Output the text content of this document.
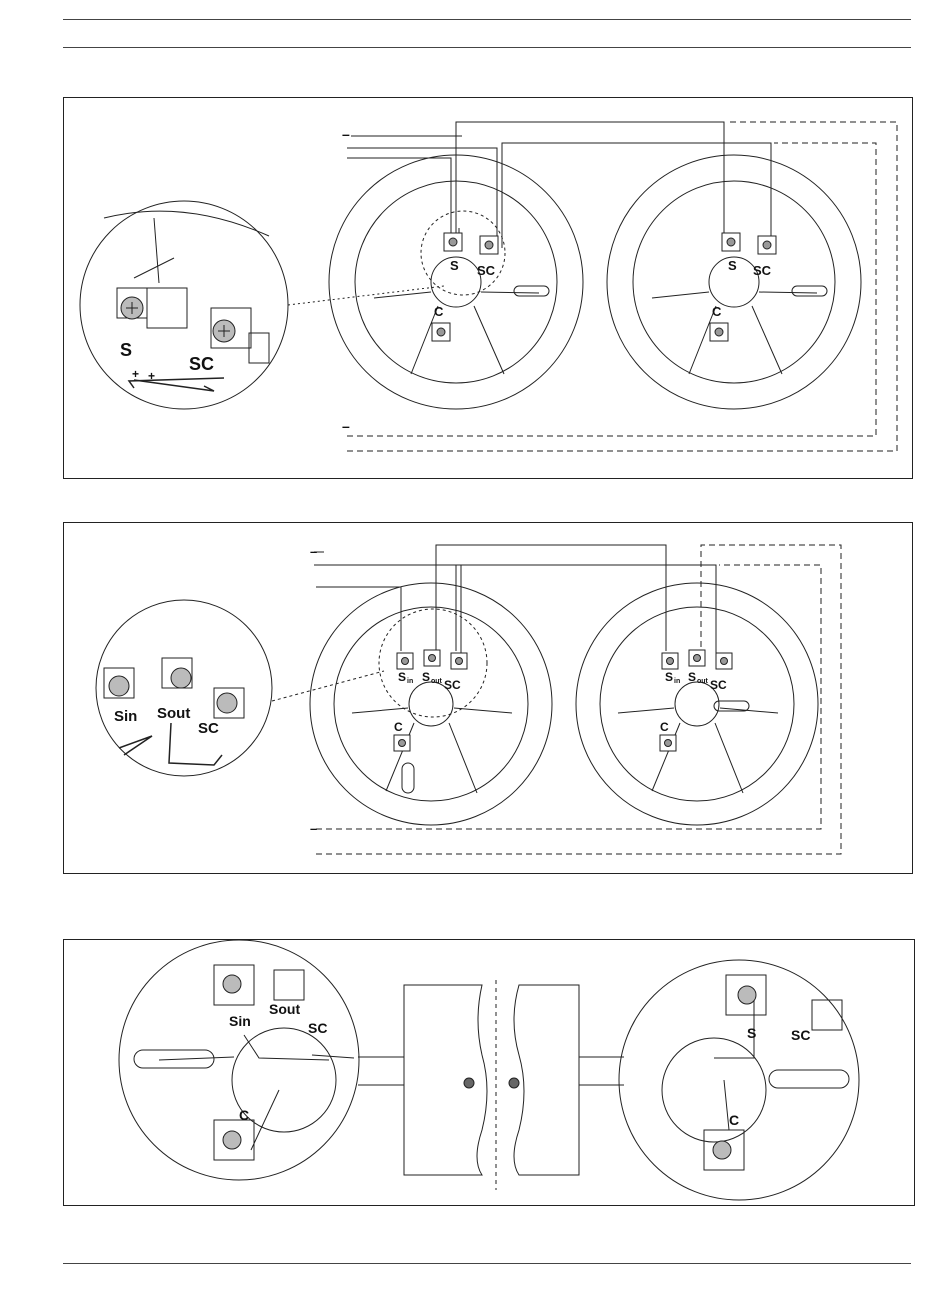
–
–
S SC
C
S SC
C
S
SC
+ +
–
–
S in S out SC
C
S in S out SC
C
Sin Sout
SC
Sin
Sout
SC
C
S SC
C
